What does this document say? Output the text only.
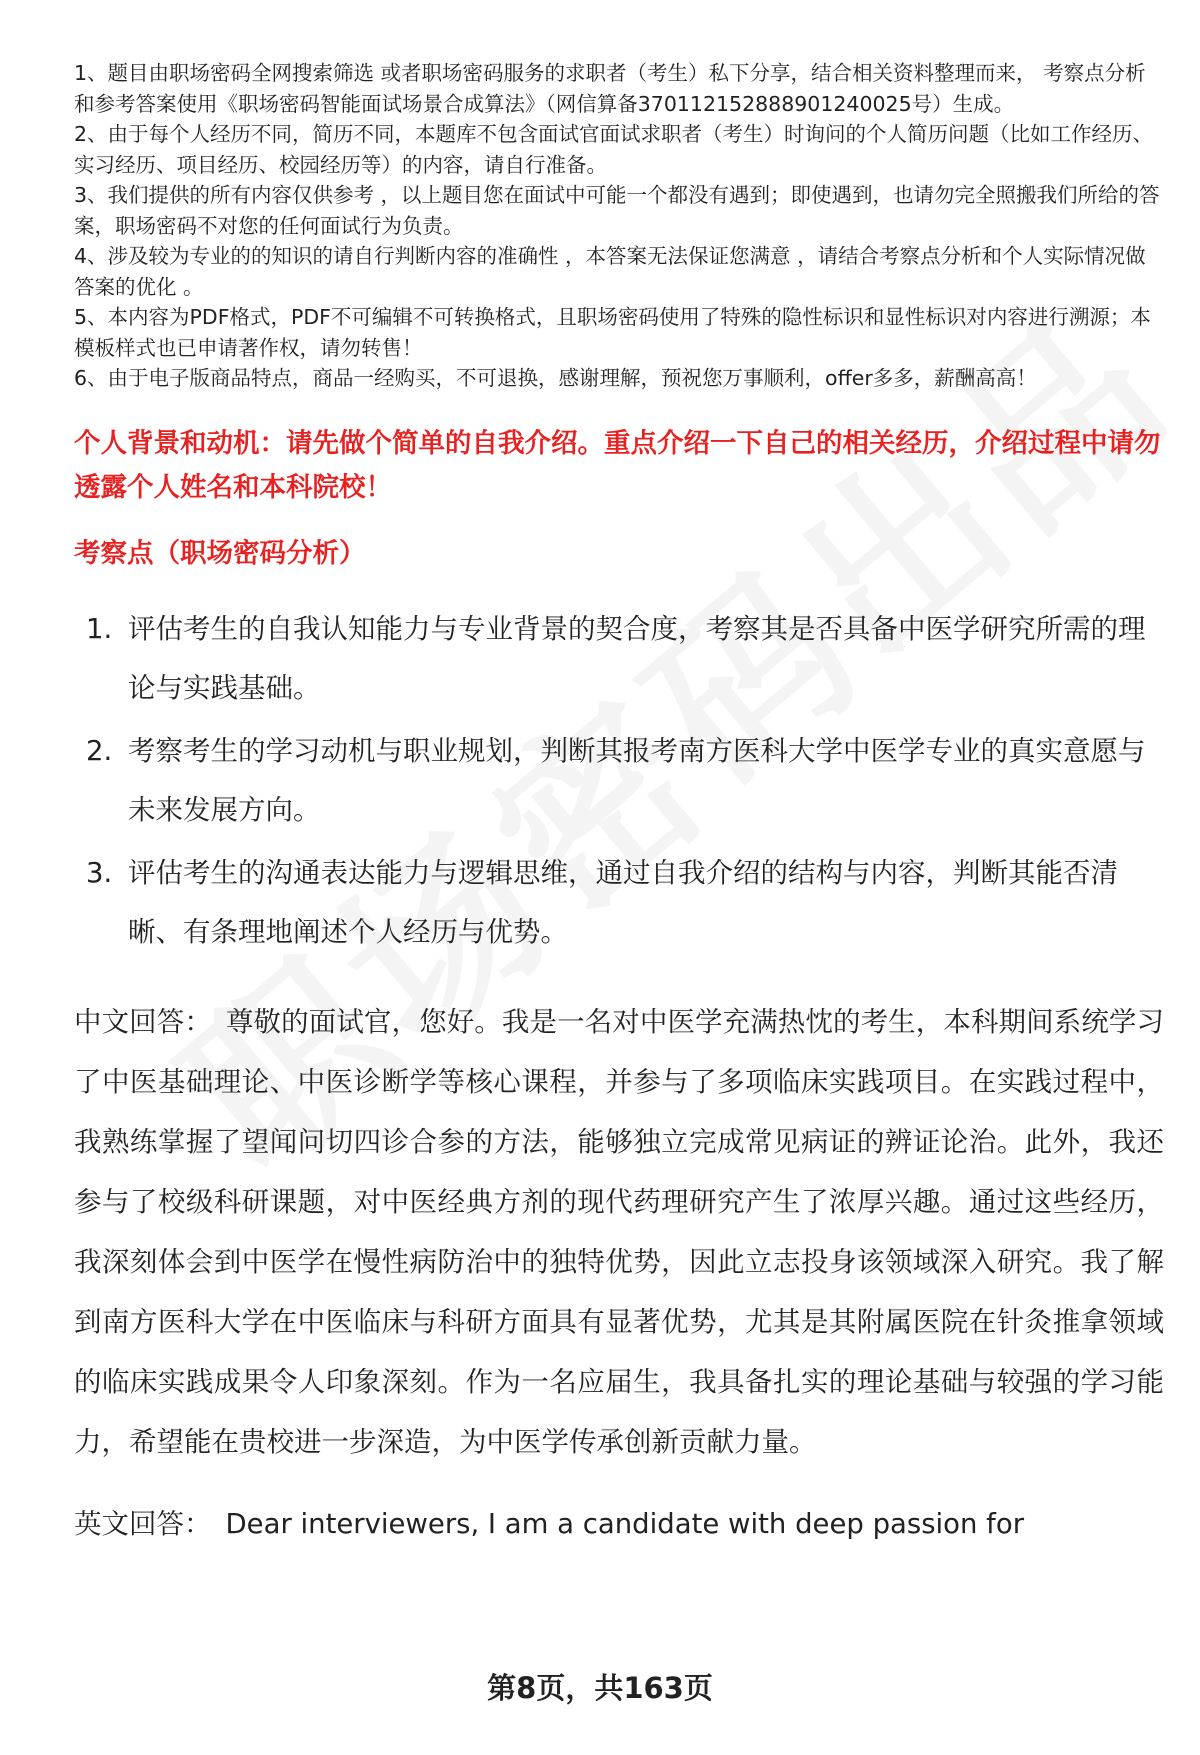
1、题目由职场密码全网搜索筛选 或者职场密码服务的求职者（考生）私下分享，结合相关资料整理而来， 考察点分析和参考答案使用《职场密码智能面试场景合成算法》（网信算备370112152888901240025号）生成。

2、由于每个人经历不同，简历不同，本题库不包含面试官面试求职者（考生）时询问的个人简历问题（比如工作经历、实习经历、项目经历、校园经历等）的内容，请自行准备。

3、我们提供的所有内容仅供参考 ，以上题目您在面试中可能一个都没有遇到；即使遇到，也请勿完全照搬我们所给的答案，职场密码不对您的任何面试行为负责。

4、涉及较为专业的的知识的请自行判断内容的准确性 ，本答案无法保证您满意 ，请结合考察点分析和个人实际情况做答案的优化 。

5、本内容为PDF格式，PDF不可编辑不可转换格式，且职场密码使用了特殊的隐性标识和显性标识对内容进行溯源；本模板样式也已申请著作权，请勿转售！

6、由于电子版商品特点，商品一经购买，不可退换，感谢理解，预祝您万事顺利，offer多多，薪酬高高！

个人背景和动机：请先做个简单的自我介绍。重点介绍一下自己的相关经历，介绍过程中请勿透露个人姓名和本科院校！
考察点（职场密码分析）
1. 评估考生的自我认知能力与专业背景的契合度，考察其是否具备中医学研究所需的理论与实践基础。
2. 考察考生的学习动机与职业规划，判断其报考南方医科大学中医学专业的真实意愿与未来发展方向。
3. 评估考生的沟通表达能力与逻辑思维，通过自我介绍的结构与内容，判断其能否清晰、有条理地阐述个人经历与优势。
中文回答： 尊敬的面试官，您好。我是一名对中医学充满热忱的考生，本科期间系统学习了中医基础理论、中医诊断学等核心课程，并参与了多项临床实践项目。在实践过程中，我熟练掌握了望闻问切四诊合参的方法，能够独立完成常见病证的辨证论治。此外，我还参与了校级科研课题，对中医经典方剂的现代药理研究产生了浓厚兴趣。通过这些经历，我深刻体会到中医学在慢性病防治中的独特优势，因此立志投身该领域深入研究。我了解到南方医科大学在中医临床与科研方面具有显著优势，尤其是其附属医院在针灸推拿领域的临床实践成果令人印象深刻。作为一名应届生，我具备扎实的理论基础与较强的学习能力，希望能在贵校进一步深造，为中医学传承创新贡献力量。
英文回答： Dear interviewers, I am a candidate with deep passion for
第8页，共163页
